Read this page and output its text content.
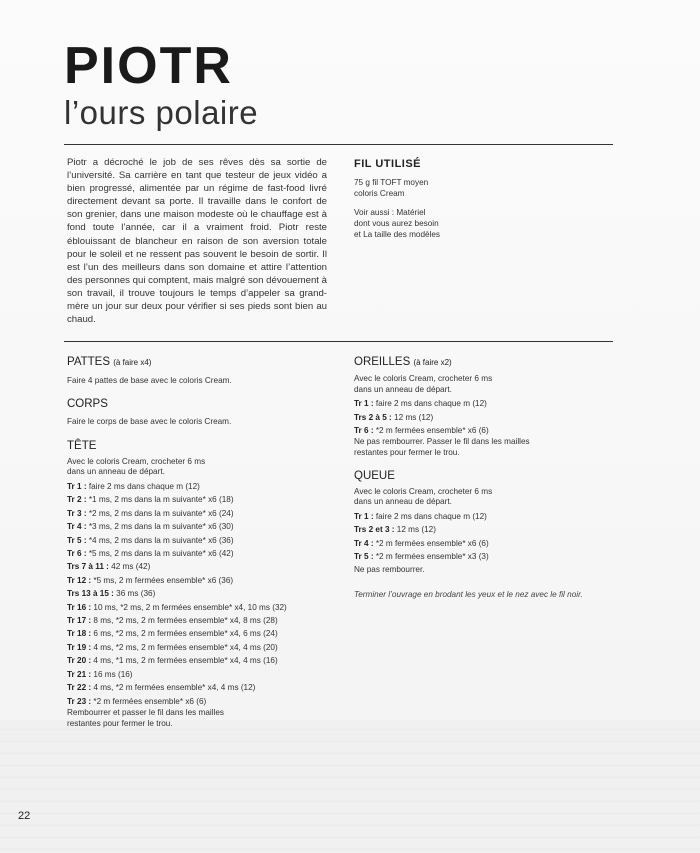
PIOTR
l’ours polaire

Piotr a décroché le job de ses rêves dès sa sortie de l’université. Sa carrière en tant que testeur de jeux vidéo a bien progressé, alimentée par un régime de fast-food livré directement devant sa porte. Il travaille dans le confort de son grenier, dans une maison modeste où le chauffage est à fond toute l’année, car il a vraiment froid. Piotr reste éblouissant de blancheur en raison de son aversion totale pour le soleil et ne ressent pas souvent le besoin de sortir. Il est l’un des meilleurs dans son domaine et attire l’attention des personnes qui comptent, mais malgré son dévouement à son travail, il trouve toujours le temps d’appeler sa grand-mère un jour sur deux pour vérifier si ses pieds sont bien au chaud.

FIL UTILISÉ

75 g fil TOFT moyen
coloris Cream

Voir aussi : Matériel
dont vous aurez besoin
et La taille des modèles

PATTES (à faire x4)

Faire 4 pattes de base avec le coloris Cream.

CORPS

Faire le corps de base avec le coloris Cream.

TÊTE

Avec le coloris Cream, crocheter 6 ms
dans un anneau de départ.

Tr 1 : faire 2 ms dans chaque m (12)

Tr 2 : *1 ms, 2 ms dans la m suivante* x6 (18)

Tr 3 : *2 ms, 2 ms dans la m suivante* x6 (24)

Tr 4 : *3 ms, 2 ms dans la m suivante* x6 (30)

Tr 5 : *4 ms, 2 ms dans la m suivante* x6 (36)

Tr 6 : *5 ms, 2 ms dans la m suivante* x6 (42)

Trs 7 à 11 : 42 ms (42)

Tr 12 : *5 ms, 2 m fermées ensemble* x6 (36)

Trs 13 à 15 : 36 ms (36)

Tr 16 : 10 ms, *2 ms, 2 m fermées ensemble* x4, 10 ms (32)

Tr 17 : 8 ms, *2 ms, 2 m fermées ensemble* x4, 8 ms (28)

Tr 18 : 6 ms, *2 ms, 2 m fermées ensemble* x4, 6 ms (24)

Tr 19 : 4 ms, *2 ms, 2 m fermées ensemble* x4, 4 ms (20)

Tr 20 : 4 ms, *1 ms, 2 m fermées ensemble* x4, 4 ms (16)

Tr 21 : 16 ms (16)

Tr 22 : 4 ms, *2 m fermées ensemble* x4, 4 ms (12)

Tr 23 : *2 m fermées ensemble* x6 (6)

Rembourrer et passer le fil dans les mailles
restantes pour fermer le trou.

OREILLES (à faire x2)

Avec le coloris Cream, crocheter 6 ms
dans un anneau de départ.

Tr 1 : faire 2 ms dans chaque m (12)

Trs 2 à 5 : 12 ms (12)

Tr 6 : *2 m fermées ensemble* x6 (6)

Ne pas rembourrer. Passer le fil dans les mailles
restantes pour fermer le trou.

QUEUE

Avec le coloris Cream, crocheter 6 ms
dans un anneau de départ.

Tr 1 : faire 2 ms dans chaque m (12)

Trs 2 et 3 : 12 ms (12)

Tr 4 : *2 m fermées ensemble* x6 (6)

Tr 5 : *2 m fermées ensemble* x3 (3)

Ne pas rembourrer.

Terminer l’ouvrage en brodant les yeux et le nez avec le fil noir.

22
